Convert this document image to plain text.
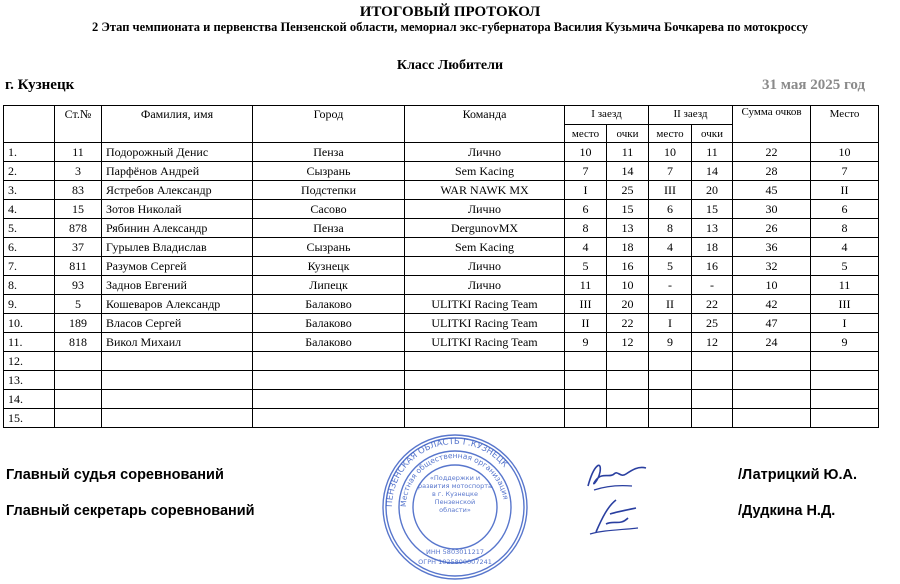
ИТОГОВЫЙ ПРОТОКОЛ
2 Этап чемпионата и первенства Пензенской области, мемориал экс-губернатора Василия Кузьмича Бочкарева по мотокроссу
Класс Любители
г. Кузнецк	31 мая 2025 год
	Ст.№	Фамилия, имя	Город	Команда	I заезд		II заезд		Сумма очков	Место
					место	очки	место	очки		
1.	11	Подорожный Денис	Пенза	Лично	10	11	10	11	22	10
2.	3	Парфёнов Андрей	Сызрань	Sem Kacing	7	14	7	14	28	7
3.	83	Ястребов Александр	Подстепки	WAR NAWK MX	I	25	III	20	45	II
4.	15	Зотов Николай	Сасово	Лично	6	15	6	15	30	6
5.	878	Рябинин Александр	Пенза	DergunovMX	8	13	8	13	26	8
6.	37	Гурылев Владислав	Сызрань	Sem Kacing	4	18	4	18	36	4
7.	811	Разумов Сергей	Кузнецк	Лично	5	16	5	16	32	5
8.	93	Заднов Евгений	Липецк	Лично	11	10	-	-	10	11
9.	5	Кошеваров Александр	Балаково	ULITKI Racing Team	III	20	II	22	42	III
10.	189	Власов Сергей	Балаково	ULITKI Racing Team	II	22	I	25	47	I
11.	818	Викол Михаил	Балаково	ULITKI Racing Team	9	12	9	12	24	9
12.										
13.										
14.										
15.										
Главный судья соревнований	/Латрицкий Ю.А.
Главный секретарь соревнований	/Дудкина Н.Д.
ПЕНЗЕНСКАЯ ОБЛАСТЬ Г.КУЗНЕЦК
Местная общественная организация
«Поддержки и развития мотоспорта в г. Кузнецке Пензенской области»
ИНН 5803011217
ОГРН 1025800007241
